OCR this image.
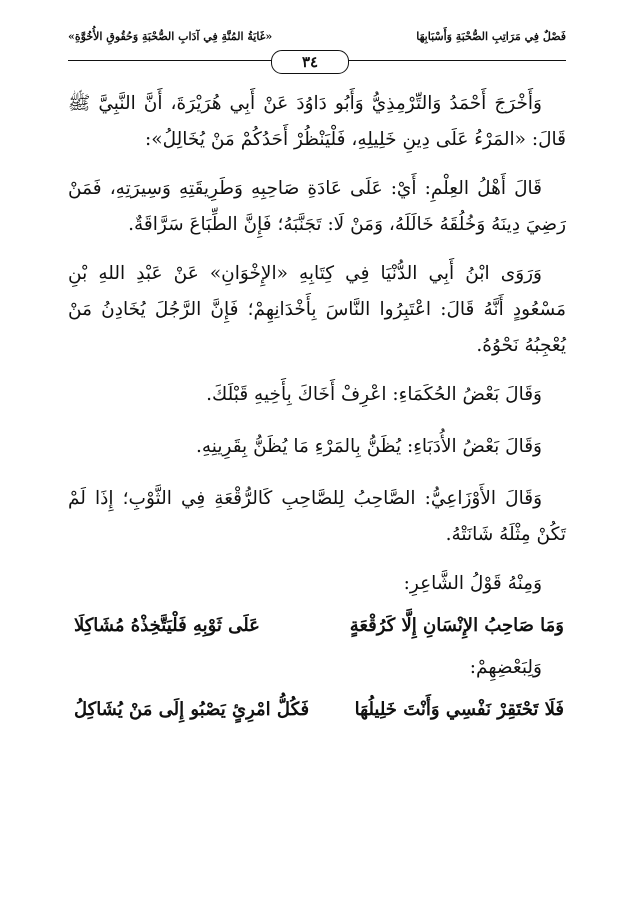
فَصْلٌ فِي مَرَاتِبِ الصُّحْبَةِ وَأَسْبَابِهَا
«غَايَةُ المُنَّةِ فِي آدَابِ الصُّحْبَةِ وَحُقُوقِ الأُخُوَّةِ»
٣٤

وَأَخْرَجَ أَحْمَدُ وَالتِّرْمِذِيُّ وَأَبُو دَاوُدَ عَنْ أَبِي هُرَيْرَةَ، أَنَّ النَّبِيَّ ﷺ قَالَ: «المَرْءُ عَلَى دِينِ خَلِيلِهِ، فَلْيَنْظُرْ أَحَدُكُمْ مَنْ يُخَالِلُ»:

قَالَ أَهْلُ العِلْمِ: أَيْ: عَلَى عَادَةِ صَاحِبِهِ وَطَرِيقَتِهِ وَسِيرَتِهِ، فَمَنْ رَضِيَ دِينَهُ وَخُلُقَهُ خَالَلَهُ، وَمَنْ لَا: تَجَنَّبَهُ؛ فَإِنَّ الطِّبَاعَ سَرَّاقَةٌ.

وَرَوَى ابْنُ أَبِي الدُّنْيَا فِي كِتَابِهِ «الإِخْوَانِ» عَنْ عَبْدِ اللهِ بْنِ مَسْعُودٍ أَنَّهُ قَالَ: اعْتَبِرُوا النَّاسَ بِأَخْدَانِهِمْ؛ فَإِنَّ الرَّجُلَ يُخَادِنُ مَنْ يُعْجِبُهُ نَحْوُهُ.

وَقَالَ بَعْضُ الحُكَمَاءِ: اعْرِفْ أَخَاكَ بِأَخِيهِ قَبْلَكَ.

وَقَالَ بَعْضُ الأُدَبَاءِ: يُظَنُّ بِالمَرْءِ مَا يُظَنُّ بِقَرِينِهِ.

وَقَالَ الأَوْزَاعِيُّ: الصَّاحِبُ لِلصَّاحِبِ كَالرُّقْعَةِ فِي الثَّوْبِ؛ إِذَا لَمْ تَكُنْ مِثْلَهُ شَانَتْهُ.

وَمِنْهُ قَوْلُ الشَّاعِرِ:

وَمَا صَاحِبُ الإِنْسَانِ إِلَّا كَرُقْعَةٍ
عَلَى ثَوْبِهِ فَلْيَتَّخِذْهُ مُشَاكِلَا

وَلِبَعْضِهِمْ:

فَلَا تَحْتَقِرْ نَفْسِي وَأَنْتَ خَلِيلُهَا
فَكُلُّ امْرِئٍ يَصْبُو إِلَى مَنْ يُشَاكِلُ
